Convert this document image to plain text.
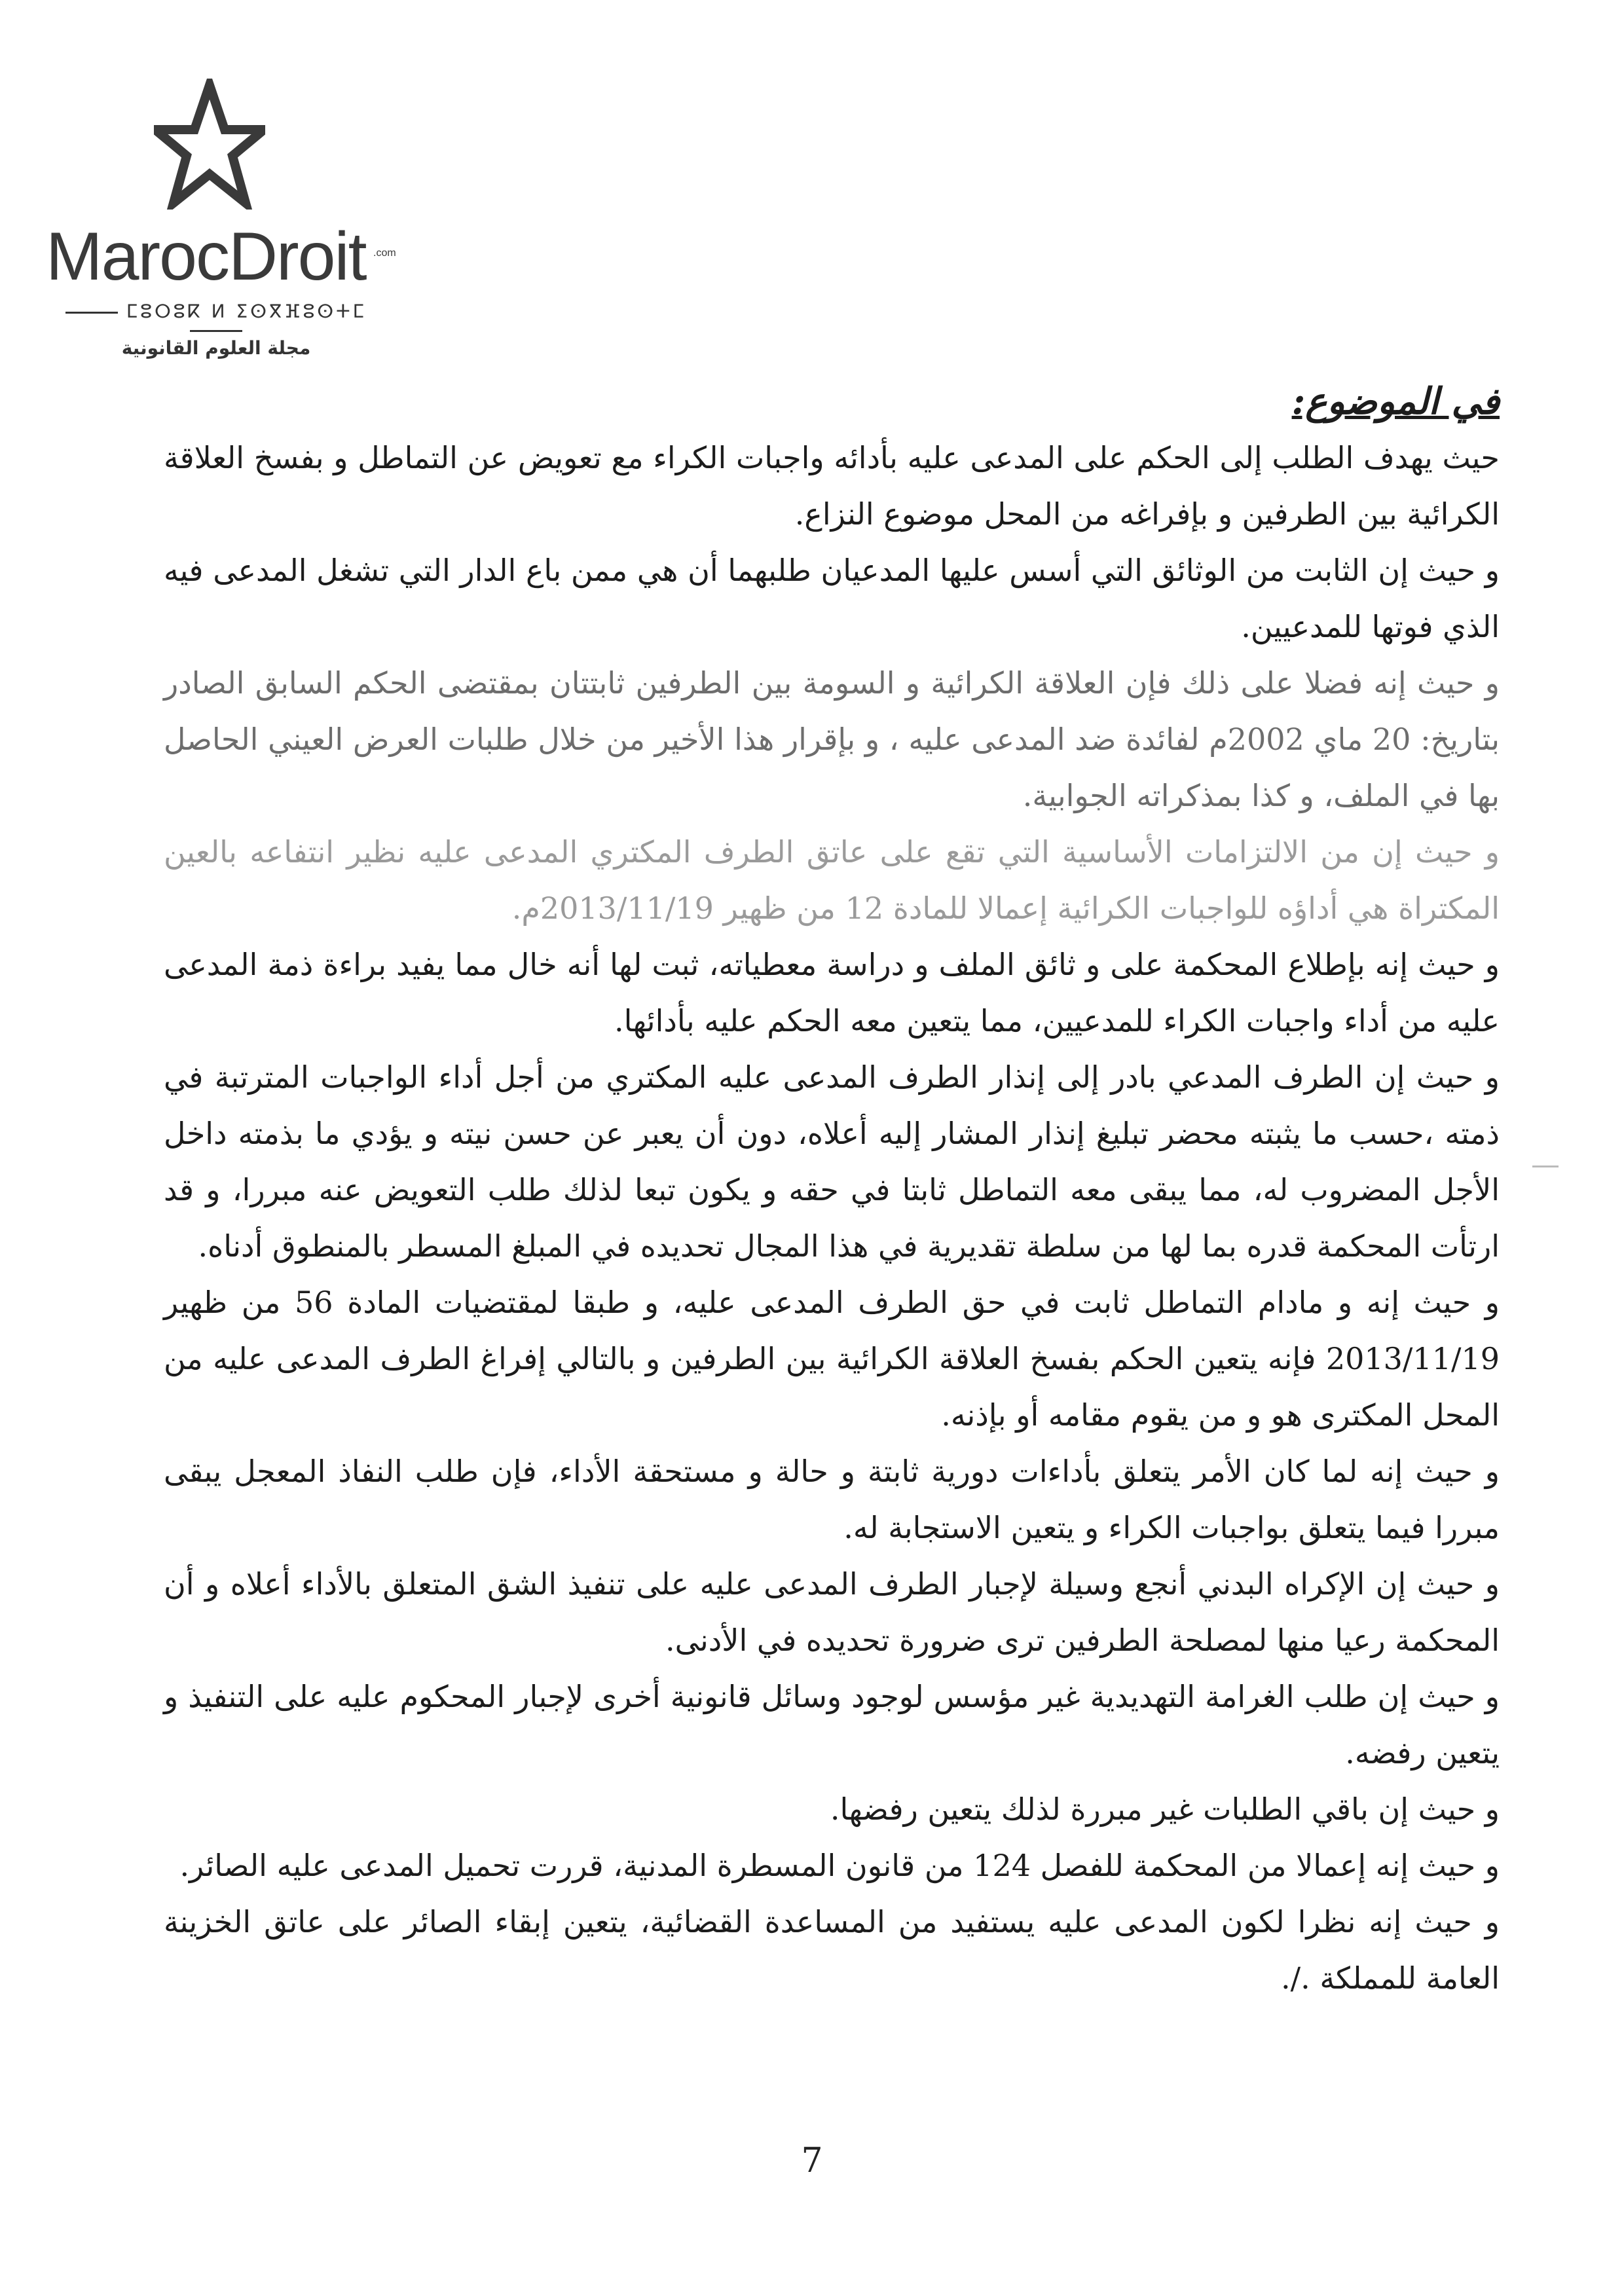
MarocDroit .com
ⵎⵓⵔⵓⴽ ⵍ ⵉⵙⴳⴼⵓⵙⵜⵎ
مجلة العلوم القانونية
في الموضوع:

حيث يهدف الطلب إلى الحكم على المدعى عليه بأدائه واجبات الكراء مع تعويض عن التماطل و بفسخ العلاقة الكرائية بين الطرفين و بإفراغه من المحل موضوع النزاع.

و حيث إن الثابت من الوثائق التي أسس عليها المدعيان طلبهما أن هي ممن باع الدار التي تشغل المدعى فيه الذي فوتها للمدعيين.

و حيث إنه فضلا على ذلك فإن العلاقة الكرائية و السومة بين الطرفين ثابتتان بمقتضى الحكم السابق الصادر بتاريخ: 20 ماي 2002م لفائدة ضد المدعى عليه ، و بإقرار هذا الأخير من خلال طلبات العرض العيني الحاصل بها في الملف، و كذا بمذكراته الجوابية.

و حيث إن من الالتزامات الأساسية التي تقع على عاتق الطرف المكتري المدعى عليه نظير انتفاعه بالعين المكتراة هي أداؤه للواجبات الكرائية إعمالا للمادة 12 من ظهير 2013/11/19م.

و حيث إنه بإطلاع المحكمة على و ثائق الملف و دراسة معطياته، ثبت لها أنه خال مما يفيد براءة ذمة المدعى عليه من أداء واجبات الكراء للمدعيين، مما يتعين معه الحكم عليه بأدائها.

و حيث إن الطرف المدعي بادر إلى إنذار الطرف المدعى عليه المكتري من أجل أداء الواجبات المترتبة في ذمته ،حسب ما يثبته محضر تبليغ إنذار المشار إليه أعلاه، دون أن يعبر عن حسن نيته و يؤدي ما بذمته داخل الأجل المضروب له، مما يبقى معه التماطل ثابتا في حقه و يكون تبعا لذلك طلب التعويض عنه مبررا، و قد ارتأت المحكمة قدره بما لها من سلطة تقديرية في هذا المجال تحديده في المبلغ المسطر بالمنطوق أدناه.

و حيث إنه و مادام التماطل ثابت في حق الطرف المدعى عليه، و طبقا لمقتضيات المادة 56 من ظهير 2013/11/19 فإنه يتعين الحكم بفسخ العلاقة الكرائية بين الطرفين و بالتالي إفراغ الطرف المدعى عليه من المحل المكترى هو و من يقوم مقامه أو بإذنه.

و حيث إنه لما كان الأمر يتعلق بأداءات دورية ثابتة و حالة و مستحقة الأداء، فإن طلب النفاذ المعجل يبقى مبررا فيما يتعلق بواجبات الكراء و يتعين الاستجابة له.

و حيث إن الإكراه البدني أنجع وسيلة لإجبار الطرف المدعى عليه على تنفيذ الشق المتعلق بالأداء أعلاه و أن المحكمة رعيا منها لمصلحة الطرفين ترى ضرورة تحديده في الأدنى.

و حيث إن طلب الغرامة التهديدية غير مؤسس لوجود وسائل قانونية أخرى لإجبار المحكوم عليه على التنفيذ و يتعين رفضه.

و حيث إن باقي الطلبات غير مبررة لذلك يتعين رفضها.

و حيث إنه إعمالا من المحكمة للفصل 124 من قانون المسطرة المدنية، قررت تحميل المدعى عليه الصائر.

و حيث إنه نظرا لكون المدعى عليه يستفيد من المساعدة القضائية، يتعين إبقاء الصائر على عاتق الخزينة العامة للمملكة ./.

7
